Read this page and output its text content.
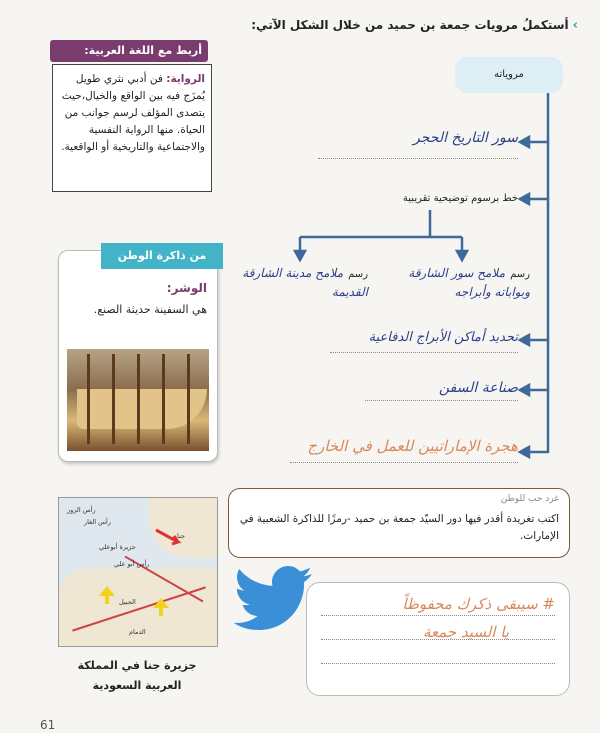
›أستكملُ مرويات جمعة بن حميد من خلال الشكل الآتي:
أربط مع اللغة العربية:
الرواية: فن أدبي نثري طويل يُمزَج فيه بين الواقع والخيال،حيث يتصدى المؤلف لرسم جوانب من الحياة. منها الرواية النفسية والاجتماعية والتاريخية أو الواقعية.
من ذاكرة الوطن
الوشر:
هي السفينة حديثة الصنع.
جزيرة أبوعلي
رأس أبو علي
رأس الغار
رأس الزور
جنا
الجبيل
الدمام
جزيرة جنا في المملكة العربية السعودية
مروياته
سور التاريخ الحجر
خط برسوم توضيحية تقريبية
رسم ملامح سور الشارقة وبواباته وأبراجه
رسم ملامح مدينة الشارقة القديمة
تحديد أماكن الأبراج الدفاعية
صناعة السفن
هجرة الإماراتيين للعمل في الخارج
غرد حب للوطن
اكتب تغريدة أقدر فيها دور السيّد جمعة بن حميد -رمزًا للذاكرة الشعبية في الإمارات.
# سيبقى ذكرك محفوظاً
يا السيد جمعة
61
